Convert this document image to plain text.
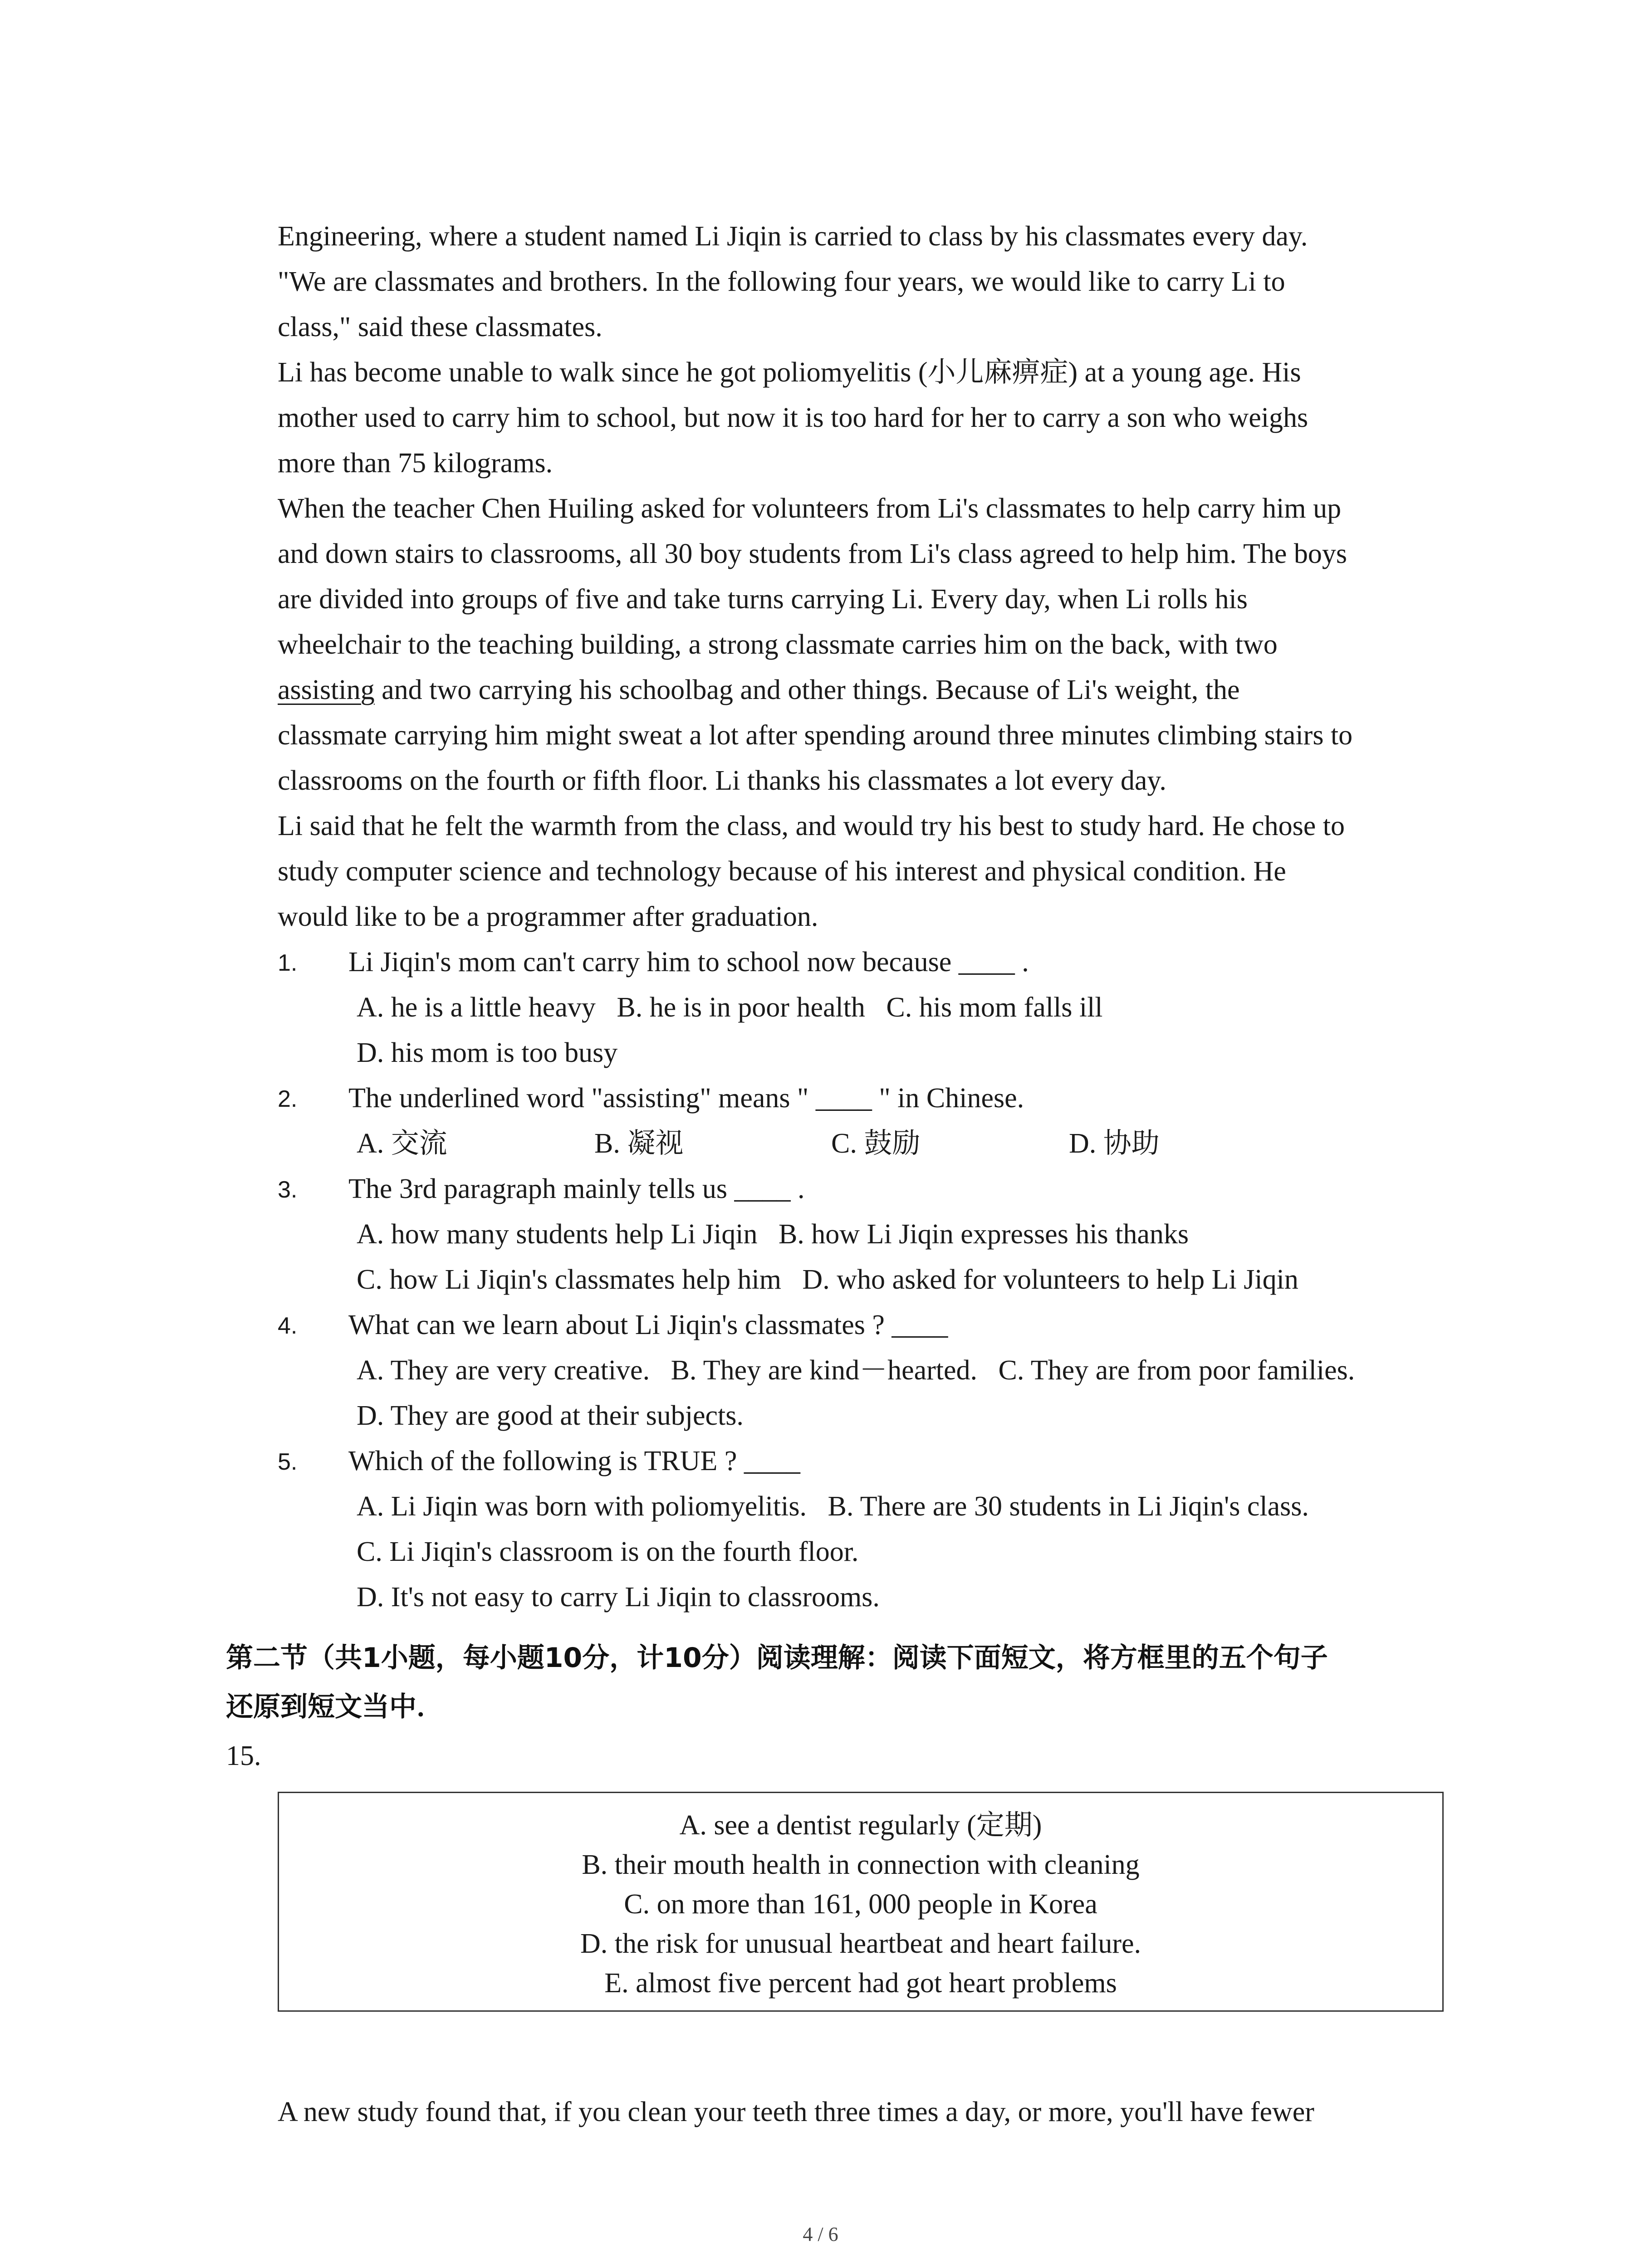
Engineering, where a student named Li Jiqin is carried to class by his classmates every day.
"We are classmates and brothers. In the following four years, we would like to carry Li to
class," said these classmates.
Li has become unable to walk since he got poliomyelitis (小儿麻痹症) at a young age. His
mother used to carry him to school, but now it is too hard for her to carry a son who weighs
more than 75 kilograms.
When the teacher Chen Huiling asked for volunteers from Li's classmates to help carry him up
and down stairs to classrooms, all 30 boy students from Li's class agreed to help him. The boys
are divided into groups of five and take turns carrying Li. Every day, when Li rolls his
wheelchair to the teaching building, a strong classmate carries him on the back, with two
assisting and two carrying his schoolbag and other things. Because of Li's weight, the
classmate carrying him might sweat a lot after spending around three minutes climbing stairs to
classrooms on the fourth or fifth floor. Li thanks his classmates a lot every day.
Li said that he felt the warmth from the class, and would try his best to study hard. He chose to
study computer science and technology because of his interest and physical condition. He
would like to be a programmer after graduation.
1. Li Jiqin's mom can't carry him to school now because ____ .
A. he is a little heavy   B. he is in poor health   C. his mom falls ill
D. his mom is too busy
2. The underlined word "assisting" means " ____ " in Chinese.
A. 交流	B. 凝视	C. 鼓励	D. 协助
3. The 3rd paragraph mainly tells us ____ .
A. how many students help Li Jiqin   B. how Li Jiqin expresses his thanks
C. how Li Jiqin's classmates help him   D. who asked for volunteers to help Li Jiqin
4. What can we learn about Li Jiqin's classmates ? ____
A. They are very creative.   B. They are kind－hearted.   C. They are from poor families.
D. They are good at their subjects.
5. Which of the following is TRUE ? ____
A. Li Jiqin was born with poliomyelitis.   B. There are 30 students in Li Jiqin's class.
C. Li Jiqin's classroom is on the fourth floor.
D. It's not easy to carry Li Jiqin to classrooms.
第二节（共1小题，每小题10分，计10分）阅读理解：阅读下面短文，将方框里的五个句子
还原到短文当中．
15.
A. see a dentist regularly (定期)
B. their mouth health in connection with cleaning
C. on more than 161, 000 people in Korea
D. the risk for unusual heartbeat and heart failure.
E. almost five percent had got heart problems
A new study found that, if you clean your teeth three times a day, or more, you'll have fewer
4 / 6
